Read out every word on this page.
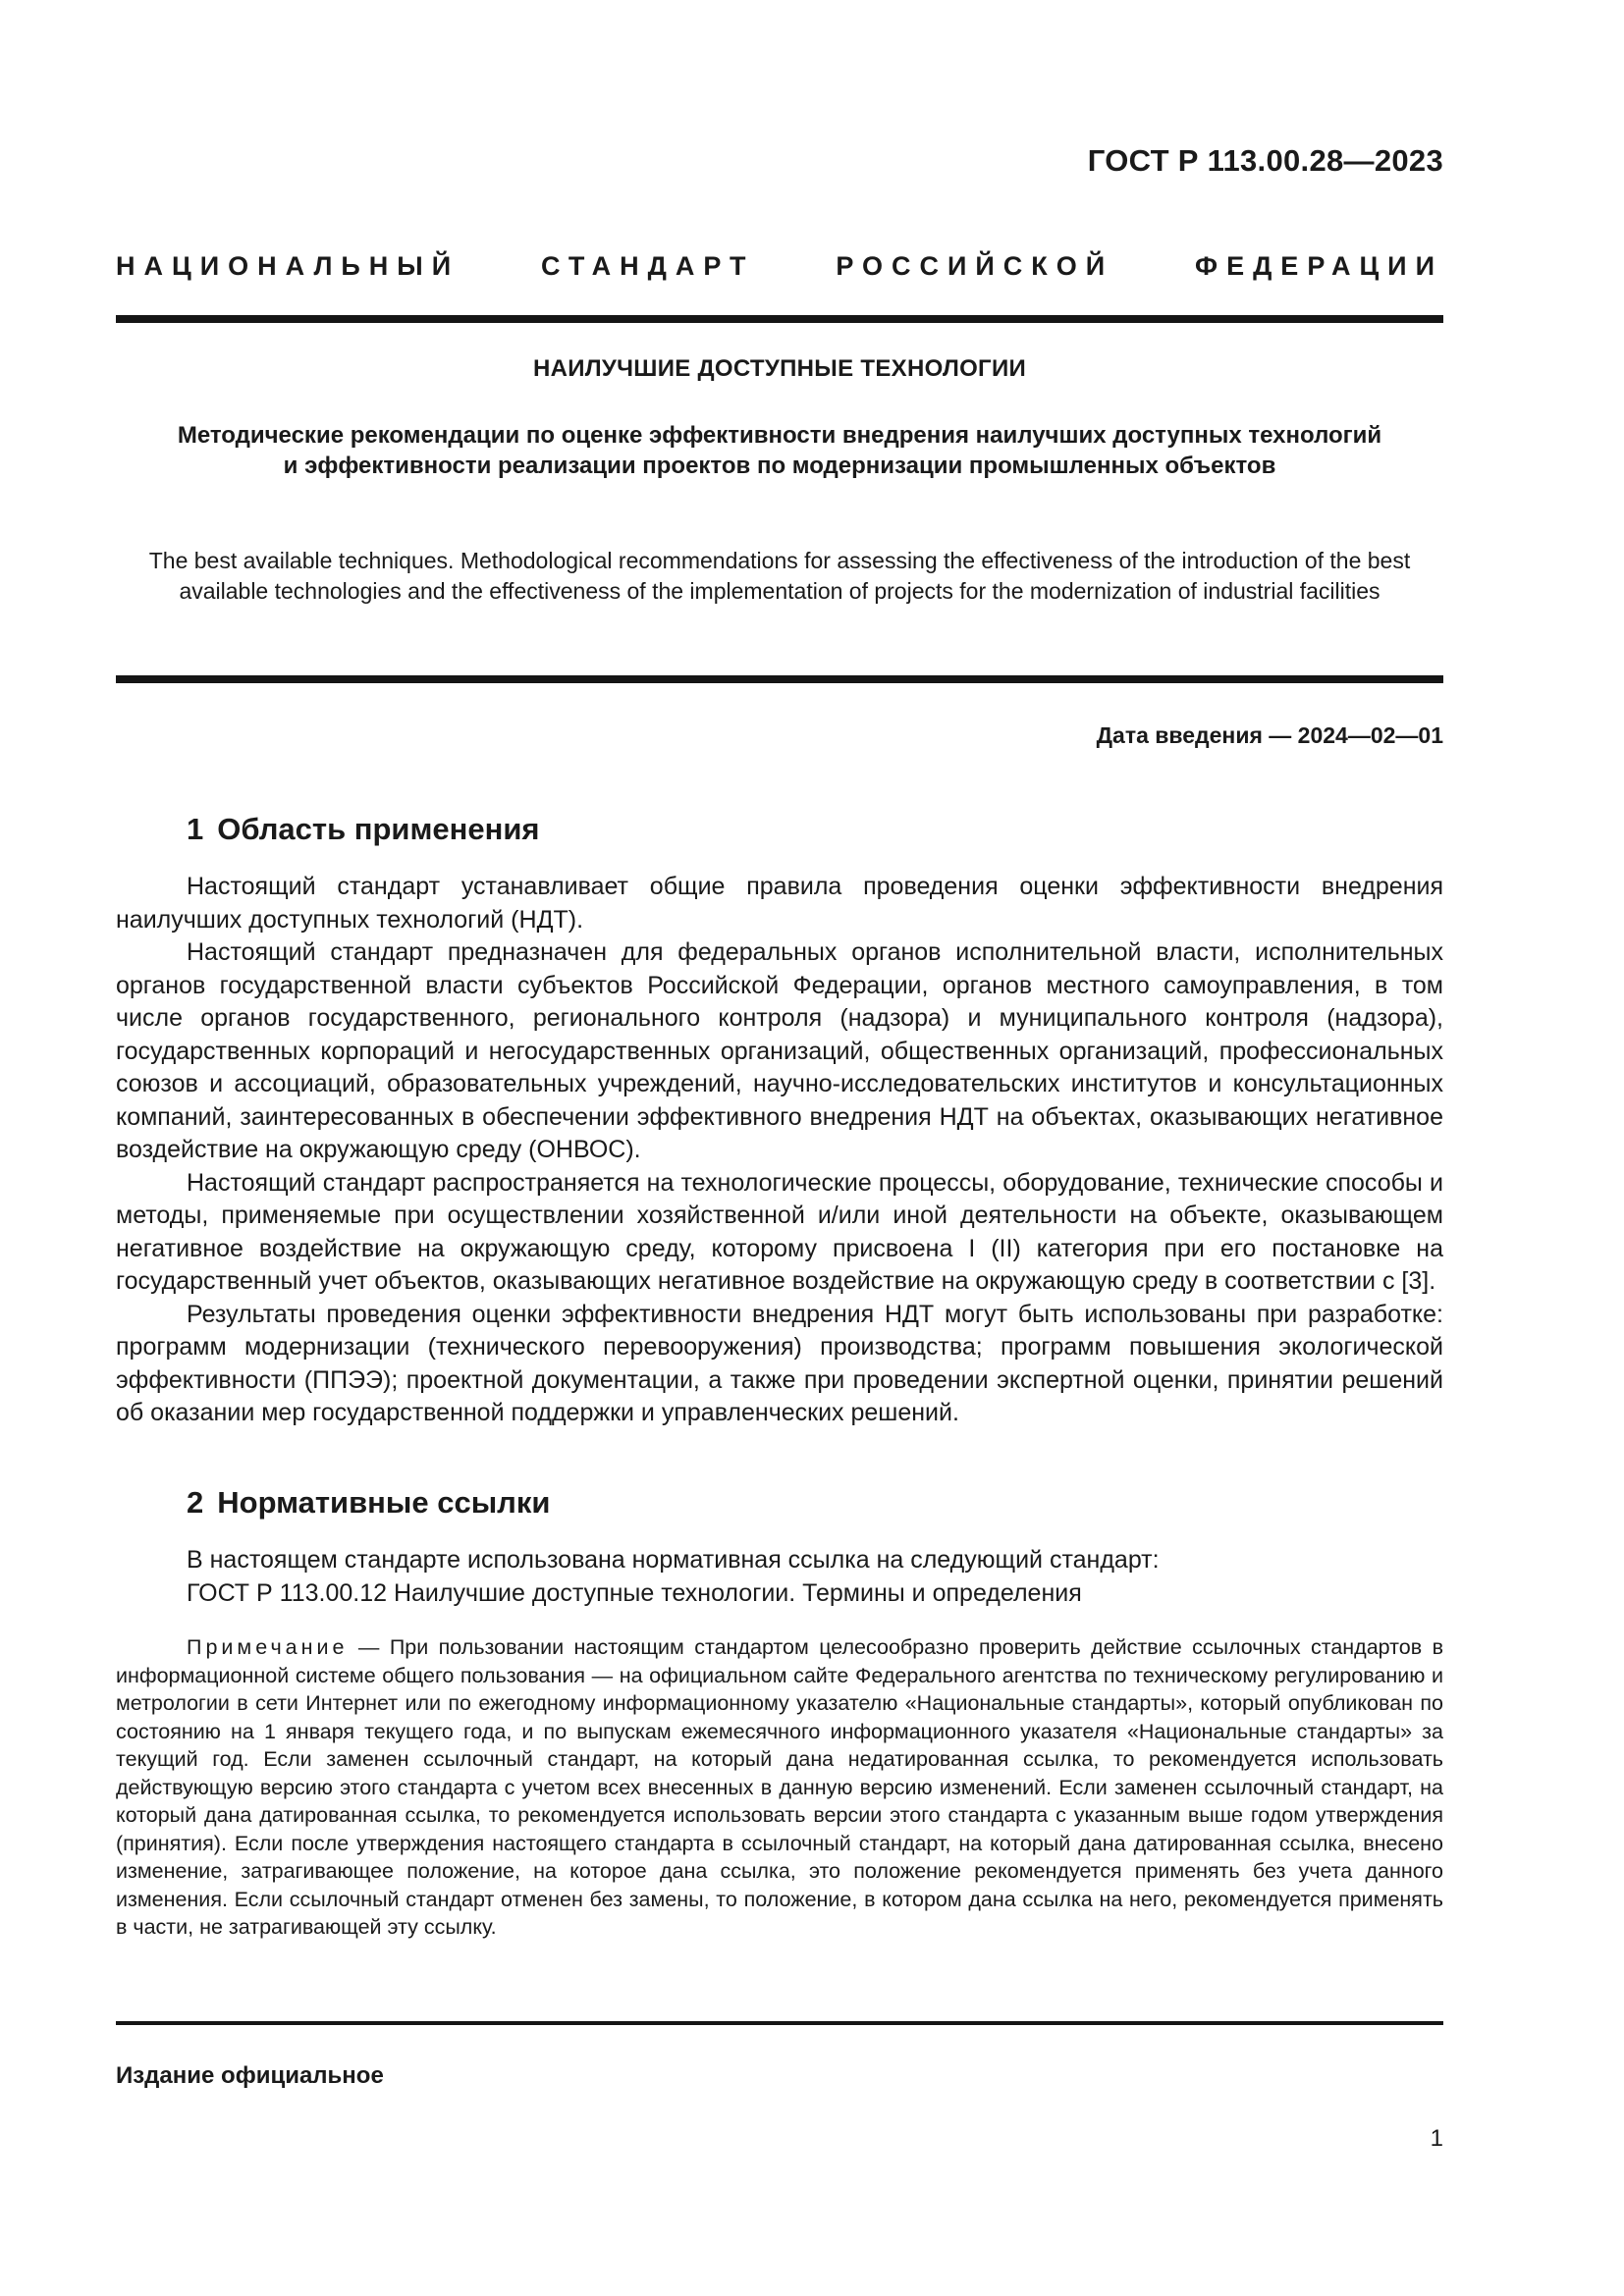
ГОСТ Р 113.00.28—2023
НАЦИОНАЛЬНЫЙ СТАНДАРТ РОССИЙСКОЙ ФЕДЕРАЦИИ
НАИЛУЧШИЕ ДОСТУПНЫЕ ТЕХНОЛОГИИ
Методические рекомендации по оценке эффективности внедрения наилучших доступных технологий и эффективности реализации проектов по модернизации промышленных объектов
The best available techniques. Methodological recommendations for assessing the effectiveness of the introduction of the best available technologies and the effectiveness of the implementation of projects for the modernization of industrial facilities
Дата введения — 2024—02—01
1 Область применения

Настоящий стандарт устанавливает общие правила проведения оценки эффективности внедрения наилучших доступных технологий (НДТ).

Настоящий стандарт предназначен для федеральных органов исполнительной власти, исполнительных органов государственной власти субъектов Российской Федерации, органов местного самоуправления, в том числе органов государственного, регионального контроля (надзора) и муниципального контроля (надзора), государственных корпораций и негосударственных организаций, общественных организаций, профессиональных союзов и ассоциаций, образовательных учреждений, научно-исследовательских институтов и консультационных компаний, заинтересованных в обеспечении эффективного внедрения НДТ на объектах, оказывающих негативное воздействие на окружающую среду (ОНВОС).

Настоящий стандарт распространяется на технологические процессы, оборудование, технические способы и методы, применяемые при осуществлении хозяйственной и/или иной деятельности на объекте, оказывающем негативное воздействие на окружающую среду, которому присвоена I (II) категория при его постановке на государственный учет объектов, оказывающих негативное воздействие на окружающую среду в соответствии с [3].

Результаты проведения оценки эффективности внедрения НДТ могут быть использованы при разработке: программ модернизации (технического перевооружения) производства; программ повышения экологической эффективности (ППЭЭ); проектной документации, а также при проведении экспертной оценки, принятии решений об оказании мер государственной поддержки и управленческих решений.

2 Нормативные ссылки
В настоящем стандарте использована нормативная ссылка на следующий стандарт:
ГОСТ Р 113.00.12 Наилучшие доступные технологии. Термины и определения

Примечание — При пользовании настоящим стандартом целесообразно проверить действие ссылочных стандартов в информационной системе общего пользования — на официальном сайте Федерального агентства по техническому регулированию и метрологии в сети Интернет или по ежегодному информационному указателю «Национальные стандарты», который опубликован по состоянию на 1 января текущего года, и по выпускам ежемесячного информационного указателя «Национальные стандарты» за текущий год. Если заменен ссылочный стандарт, на который дана недатированная ссылка, то рекомендуется использовать действующую версию этого стандарта с учетом всех внесенных в данную версию изменений. Если заменен ссылочный стандарт, на который дана датированная ссылка, то рекомендуется использовать версии этого стандарта с указанным выше годом утверждения (принятия). Если после утверждения настоящего стандарта в ссылочный стандарт, на который дана датированная ссылка, внесено изменение, затрагивающее положение, на которое дана ссылка, это положение рекомендуется применять без учета данного изменения. Если ссылочный стандарт отменен без замены, то положение, в котором дана ссылка на него, рекомендуется применять в части, не затрагивающей эту ссылку.

Издание официальное
1
